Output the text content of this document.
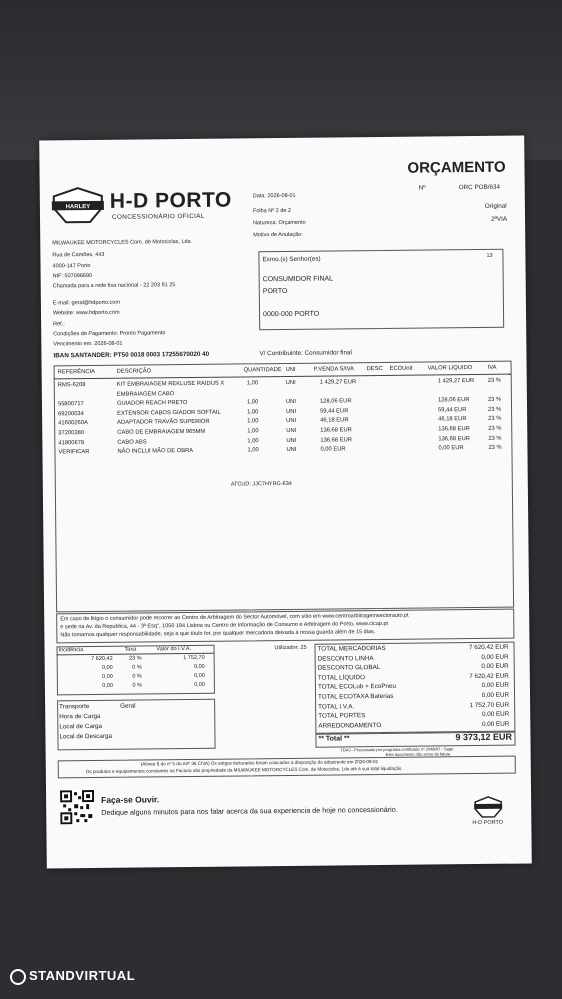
ORÇAMENTO
Nº	ORC POB/634
Original
2ªVIA
HARLEY H-D PORTO
CONCESSIONÁRIO OFICIAL
Data: 2026-08-01
Folha Nº 2 de 2
Natureza: Orçamento
Motivo de Anulação:
MILWAUKEE MOTORCYCLES Com. de Motociclas, Lda
Rua de Camões, 443
4000-147 Porto
NIF: 507096690
Chamada para a rede fixa nacional - 22 203 91 25
E-mail: geral@hdporto.com
Website: www.hdporto.com
Ref.:
Condições de Pagamento: Pronto Pagamento
Vencimento em: 2026-08-01
IBAN SANTANDER: PT50 0018 0003 17255670020 40
Exmo.(s) Senhor(es)	13
CONSUMIDOR FINAL
PORTO
0000-000 PORTO
V/ Contribuinte: Consumidor final
REFERÊNCIA	DESCRIÇÃO	QUANTIDADE UNI	P.VENDA S/IVA DESC ECOUnit	VALOR LIQUIDO	IVA
RMS-6208	KIT EMBRAIAGEM REKLUSE RAIDUS X	1,00	UNI	1 429,27 EUR	1 429,27 EUR 23 %
EMBRAIAGEM CABO
55800717	GUIADOR REACH PRETO	1,00	UNI	128,06 EUR	128,06 EUR	23 %
69200034	EXTENSOR CABOS GIADOR SOFTAIL	1,00	UNI	59,44 EUR	59,44 EUR	23 %
41600260A	ADAPTADOR TRAVÃO SUPERIOR	1,00	UNI	46,18 EUR	46,18 EUR	23 %
37200380	CABO DE EMBRAIAGEM 965MM	1,00	UNI	136,68 EUR	136,68 EUR	23 %
41800678	CABO ABS	1,00	UNI	136,68 EUR	136,68 EUR	23 %
VERIFICAR	NÃO INCLUI MÃO DE OBRA	1,00	UNI	0,00 EUR	0,00 EUR	23 %
ATCUD: JJC7HYRG-634
Em caso de litígio o consumidor pode recorrer ao Centro de Arbitragem do Sector Automóvel, com sítio em www.centroarbitragemsectorauto.pt
e sede na Av. da Republica, 44 - 3º Esq°, 1050 194 Lisboa ou Centro de Informação de Consumo e Arbitragem do Porto, www.cicap.pt
Não tomamos qualquer responsabilidade, seja a que título for, por qualquer mercadoria deixada à nossa guarda além de 15 dias.
Incidência	Taxa	Valor do I.V.A.
7 620,42	23 %	1 752,70
0,00	0 %	0,00
0,00	0 %	0,00
0,00	0 %	0,00
Utilizador: 25 TOTAL MERCADORIAS	7 620,42 EUR
DESCONTO LINHA	0,00 EUR
DESCONTO GLOBAL	0,00 EUR
TOTAL LÍQUIDO	7 620,42 EUR
TOTAL ECOLub + EcoPneu	0,00 EUR
TOTAL ECOTAXA Baterias	0,00 EUR
TOTAL I.V.A.	1 752,70 EUR
TOTAL PORTES	0,00 EUR
ARREDONDAMENTO	0,00 EUR
** Total **	9 373,12 EUR
Transporte	Geral
Hora de Carga
Local de Carga
Local de Descarga
TDAJ - Processado por programa certificado nº 2048/AT - Sage
Este documento não serve de fatura
(Alínea f) do nº 5 do Artº 36 CIVA) Os artigos facturados foram colocados à disposição do adquirente em 2026-08-01
Os produtos e equipamentos constantes na Factura são propriedade da MILWAUKEE MOTORCYCLES Com. de Motociclas, Lda até à sua total liquidação.
Faça-se Ouvir.
Dedique alguns minutos para nos falar acerca da sua experiencia de hoje no concessionário.
H-D PORTO
STANDVIRTUAL
